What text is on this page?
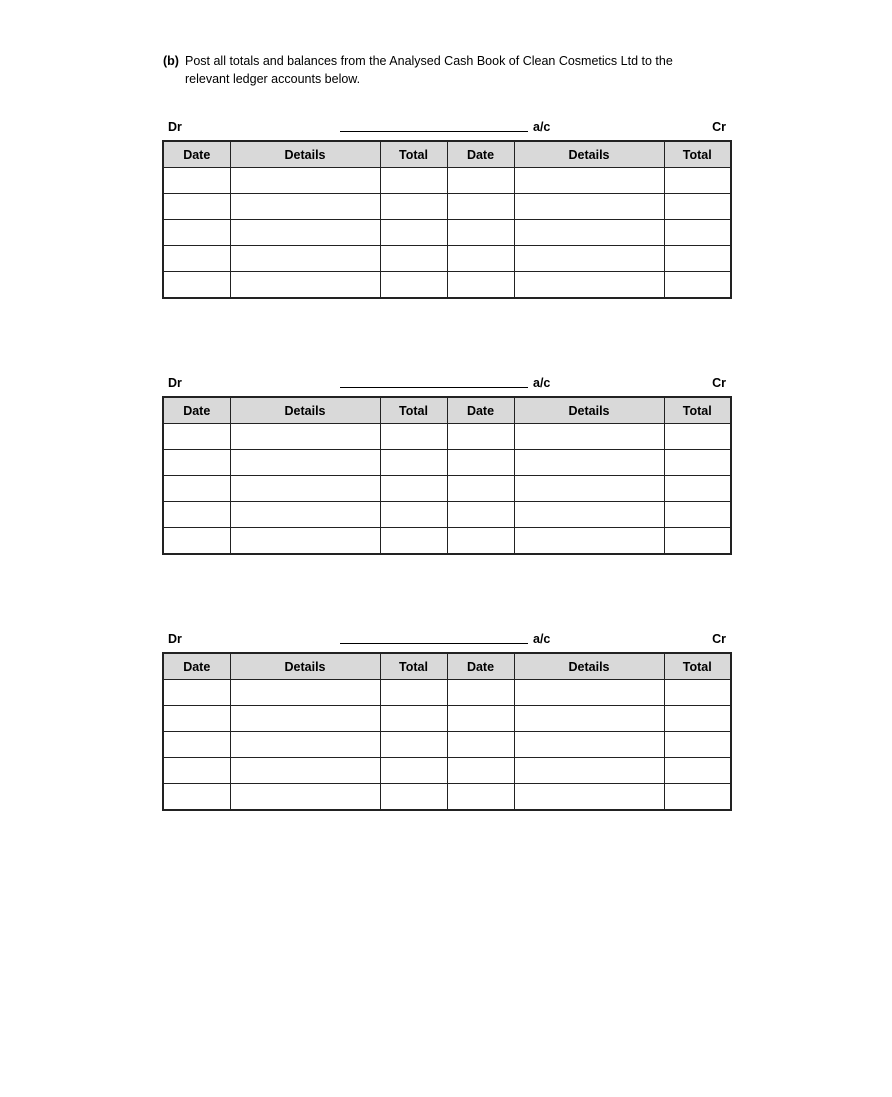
(b) Post all totals and balances from the Analysed Cash Book of Clean Cosmetics Ltd to the
relevant ledger accounts below.
Dr	a/c	Cr
Date	Details	Total	Date	Details	Total

Dr	a/c	Cr
Date	Details	Total	Date	Details	Total

Dr	a/c	Cr
Date	Details	Total	Date	Details	Total
